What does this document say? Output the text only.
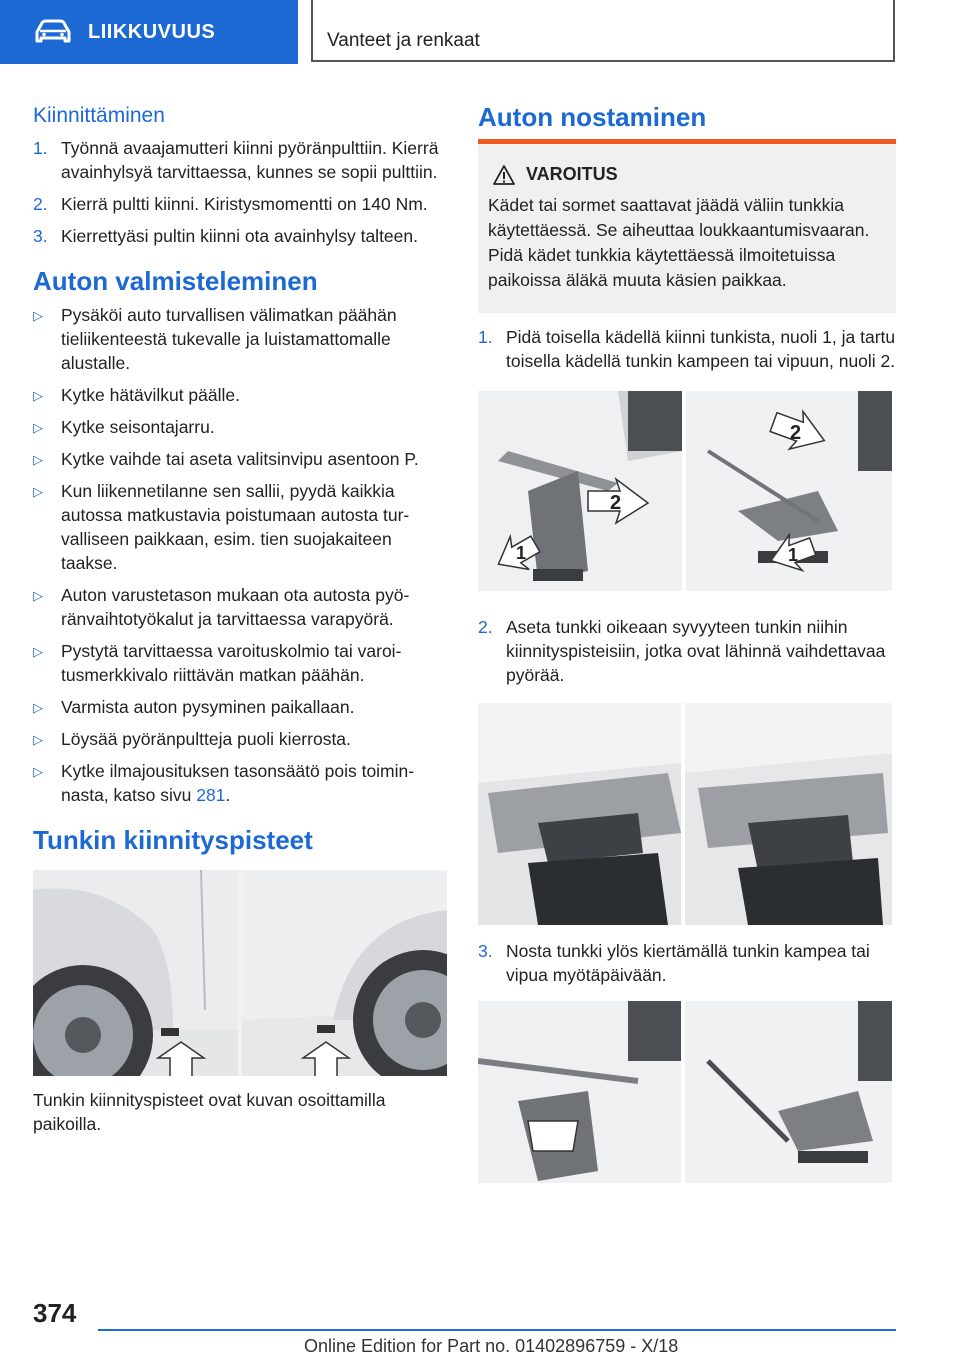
LIIKKUVUUS	Vanteet ja renkaat
Kiinnittäminen
1. Työnnä avaajamutteri kiinni pyöränpulttiin. Kierrä avainhylsyä tarvittaessa, kunnes se sopii pulttiin.
2. Kierrä pultti kiinni. Kiristysmomentti on 140 Nm.
3. Kierrettyäsi pultin kiinni ota avainhylsy talteen.
Auton valmisteleminen
▷ Pysäköi auto turvallisen välimatkan päähän tieliikenteestä tukevalle ja luistamattomalle alustalle.
▷ Kytke hätävilkut päälle.
▷ Kytke seisontajarru.
▷ Kytke vaihde tai aseta valitsinvipu asentoon P.
▷ Kun liikennetilanne sen sallii, pyydä kaikkia autossa matkustavia poistumaan autosta turvalliseen paikkaan, esim. tien suojakaiteen taakse.
▷ Auton varustetason mukaan ota autosta pyöränvaihtotyökalut ja tarvittaessa varapyörä.
▷ Pystytä tarvittaessa varoituskolmio tai varoitusmerkkivalo riittävän matkan päähän.
▷ Varmista auton pysyminen paikallaan.
▷ Löysää pyöränpultteja puoli kierrosta.
▷ Kytke ilmajousituksen tasonsäätö pois toiminnasta, katso sivu 281.
Tunkin kiinnityspisteet
Tunkin kiinnityspisteet ovat kuvan osoittamilla paikoilla.
Auton nostaminen
VAROITUS
Kädet tai sormet saattavat jäädä väliin tunkkia käytettäessä. Se aiheuttaa loukkaantumisvaaran. Pidä kädet tunkkia käytettäessä ilmoitetuissa paikoissa äläkä muuta käsien paikkaa.
1. Pidä toisella kädellä kiinni tunkista, nuoli 1, ja tartu toisella kädellä tunkin kampeen tai vipuun, nuoli 2.
1
2
2
1
2. Aseta tunkki oikeaan syvyyteen tunkin niihin kiinnityspisteisiin, jotka ovat lähinnä vaihdettavaa pyörää.
3. Nosta tunkki ylös kiertämällä tunkin kampea tai vipua myötäpäivään.
374
Online Edition for Part no. 01402896759 - X/18
